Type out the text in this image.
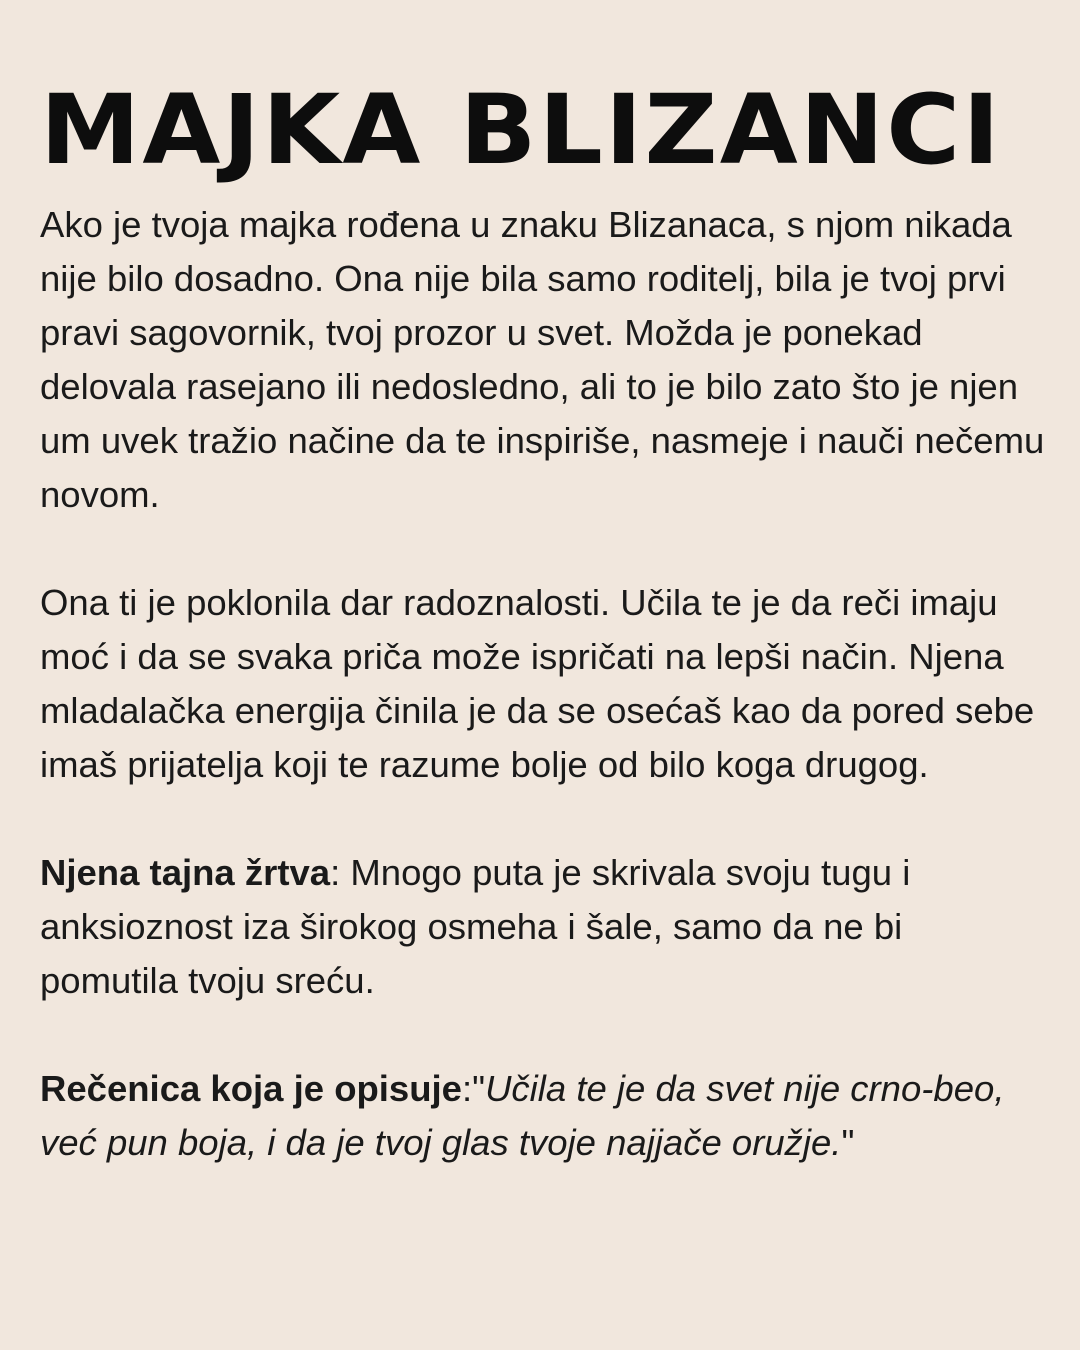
MAJKA BLIZANCI

Ako je tvoja majka rođena u znaku Blizanaca, s njom nikada nije bilo dosadno. Ona nije bila samo roditelj, bila je tvoj prvi pravi sagovornik, tvoj prozor u svet. Možda je ponekad delovala rasejano ili nedosledno, ali to je bilo zato što je njen um uvek tražio načine da te inspiriše, nasmeje i nauči nečemu novom.

Ona ti je poklonila dar radoznalosti. Učila te je da reči imaju moć i da se svaka priča može ispričati na lepši način. Njena mladalačka energija činila je da se osećaš kao da pored sebe imaš prijatelja koji te razume bolje od bilo koga drugog.

Njena tajna žrtva: Mnogo puta je skrivala svoju tugu i anksioznost iza širokog osmeha i šale, samo da ne bi pomutila tvoju sreću.

Rečenica koja je opisuje:"Učila te je da svet nije crno-beo, već pun boja, i da je tvoj glas tvoje najjače oružje."
